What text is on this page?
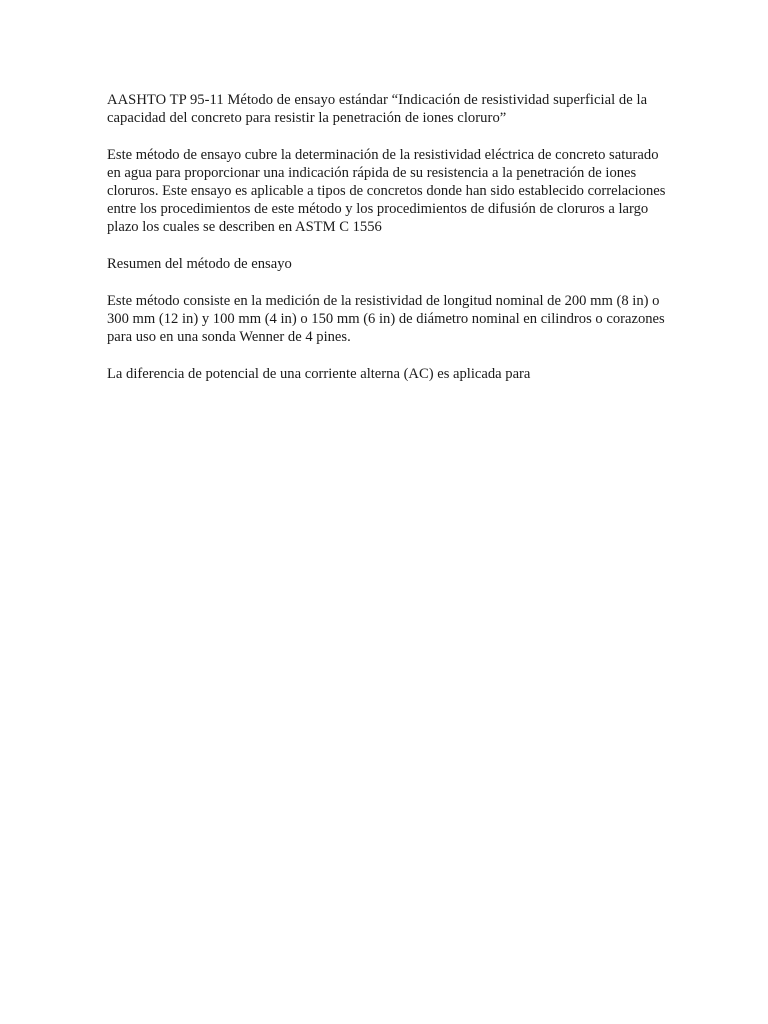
AASHTO TP 95-11 Método de ensayo estándar “Indicación de resistividad superficial de la capacidad del concreto para resistir la penetración de iones cloruro”

Este método de ensayo cubre la determinación de la resistividad eléctrica de concreto saturado en agua para proporcionar una indicación rápida de su resistencia a la penetración de iones cloruros. Este ensayo es aplicable a tipos de concretos donde han sido establecido correlaciones entre los procedimientos de este método y los procedimientos de difusión de cloruros a largo plazo los cuales se describen en ASTM C 1556

Resumen del método de ensayo

Este método consiste en la medición de la resistividad de longitud nominal de 200 mm (8 in) o 300 mm (12 in) y 100 mm (4 in) o 150 mm (6 in) de diámetro nominal en cilindros o corazones para uso en una sonda Wenner de 4 pines.

La diferencia de potencial de una corriente alterna (AC) es aplicada para
